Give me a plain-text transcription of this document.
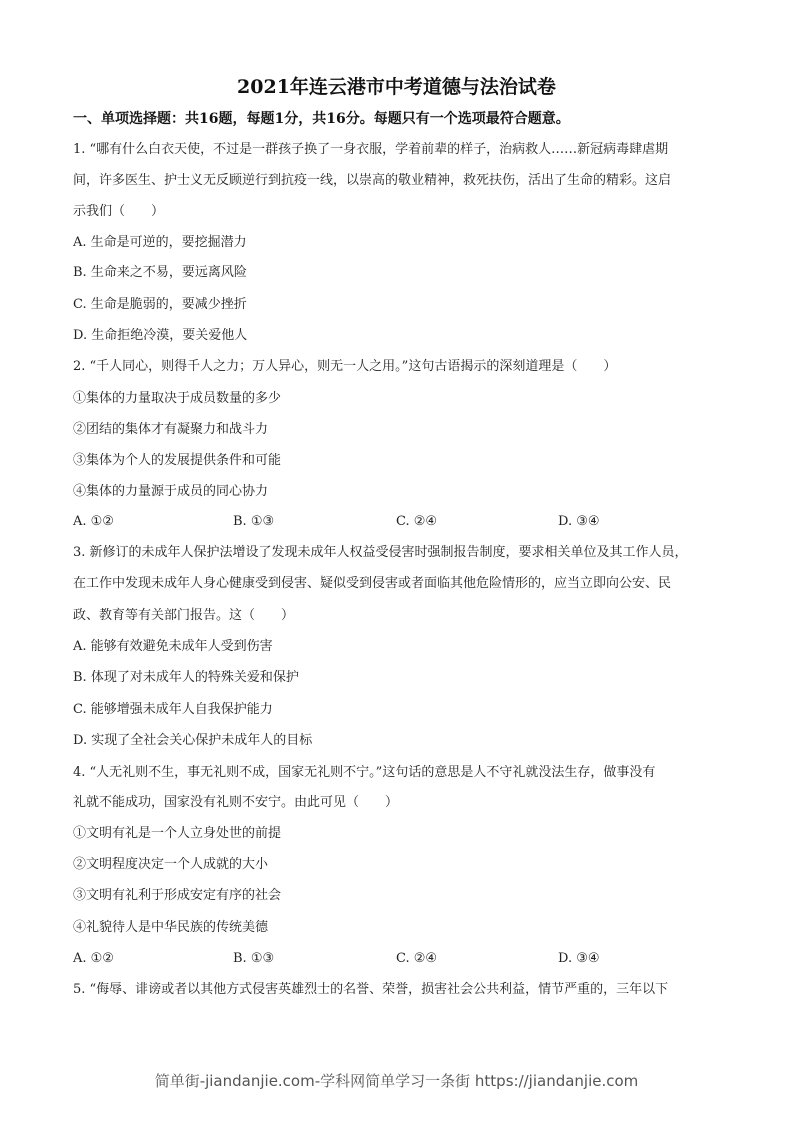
2021年连云港市中考道德与法治试卷
一、单项选择题：共16题，每题1分，共16分。每题只有一个选项最符合题意。
1. “哪有什么白衣天使，不过是一群孩子换了一身衣服，学着前辈的样子，治病救人……新冠病毒肆虐期
间，许多医生、护士义无反顾逆行到抗疫一线，以崇高的敬业精神，救死扶伤，活出了生命的精彩。这启
示我们（　　）
A. 生命是可逆的，要挖掘潜力
B. 生命来之不易，要远离风险
C. 生命是脆弱的，要减少挫折
D. 生命拒绝冷漠，要关爱他人
2. “千人同心，则得千人之力；万人异心，则无一人之用。”这句古语揭示的深刻道理是（　　）
①集体的力量取决于成员数量的多少
②团结的集体才有凝聚力和战斗力
③集体为个人的发展提供条件和可能
④集体的力量源于成员的同心协力
A. ①②	B. ①③	C. ②④	D. ③④
3. 新修订的未成年人保护法增设了发现未成年人权益受侵害时强制报告制度，要求相关单位及其工作人员，
在工作中发现未成年人身心健康受到侵害、疑似受到侵害或者面临其他危险情形的，应当立即向公安、民
政、教育等有关部门报告。这（　　）
A. 能够有效避免未成年人受到伤害
B. 体现了对未成年人的特殊关爱和保护
C. 能够增强未成年人自我保护能力
D. 实现了全社会关心保护未成年人的目标
4. “人无礼则不生，事无礼则不成，国家无礼则不宁。”这句话的意思是人不守礼就没法生存，做事没有
礼就不能成功，国家没有礼则不安宁。由此可见（　　）
①文明有礼是一个人立身处世的前提
②文明程度决定一个人成就的大小
③文明有礼利于形成安定有序的社会
④礼貌待人是中华民族的传统美德
A. ①②	B. ①③	C. ②④	D. ③④
5. “侮辱、诽谤或者以其他方式侵害英雄烈士的名誉、荣誉，损害社会公共利益，情节严重的，三年以下
简单街-jiandanjie.com-学科网简单学习一条街 https://jiandanjie.com
